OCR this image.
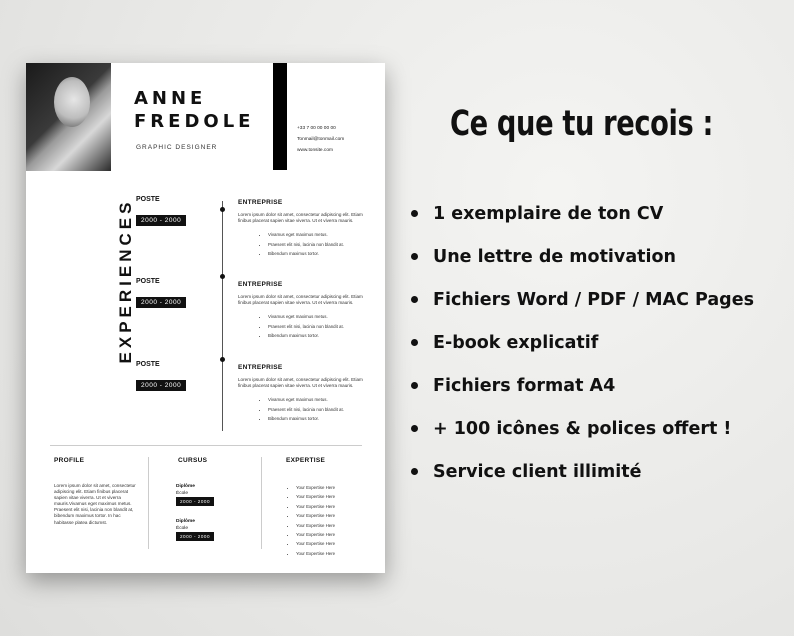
ANNE
FREDOLE
GRAPHIC DESIGNER
+33 7 00 00 00 00
Tonmail@tonmail.com
www.tonsite.com
EXPERIENCES POSTE
2000 - 2000
ENTREPRISE
Lorem ipsum dolor sit amet, consectetur adipiscing elit. Etiam finibus placerat sapien vitae viverra. Ut et viverra mauris.
• Vivamus eget maximus metus.
• Praesent elit nisi, lacinia non blandit at.
• Bibendum maximus tortor.
POSTE
2000 - 2000
ENTREPRISE
Lorem ipsum dolor sit amet, consectetur adipiscing elit. Etiam finibus placerat sapien vitae viverra. Ut et viverra mauris.
• Vivamus eget maximus metus.
• Praesent elit nisi, lacinia non blandit at.
• Bibendum maximus tortor.
POSTE
2000 - 2000
ENTREPRISE
Lorem ipsum dolor sit amet, consectetur adipiscing elit. Etiam finibus placerat sapien vitae viverra. Ut et viverra mauris.
• Vivamus eget maximus metus.
• Praesent elit nisi, lacinia non blandit at.
• Bibendum maximus tortor.
PROFILE
Lorem ipsum dolor sit amet, consectetur adipiscing elit. Etiam finibus placerat sapien vitae viverra. Ut et viverra mauris.Vivamus eget maximus metus. Praesent elit nisi, lacinia non blandit at, bibendum maximus tortor. In hac habitasse platea dictumst.
CURSUS
Diplôme
École
2000 - 2000
Diplôme
École
2000 - 2000
EXPERTISE
• Your Expertise Here
• Your Expertise Here
• Your Expertise Here
• Your Expertise Here
• Your Expertise Here
• Your Expertise Here
• Your Expertise Here
• Your Expertise Here
Ce que tu recois :
1 exemplaire de ton CV
Une lettre de motivation
Fichiers Word / PDF / MAC Pages
E-book explicatif
Fichiers format A4
+ 100 icônes & polices offert !
Service client illimité
